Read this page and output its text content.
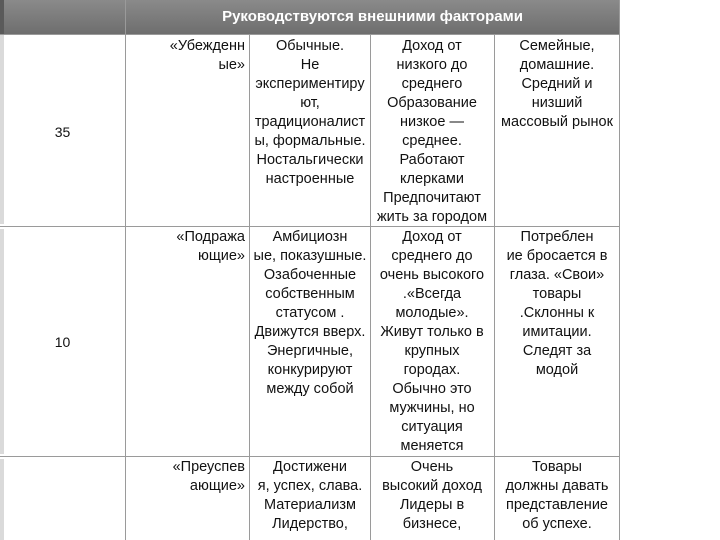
Руководствуются внешними факторами
35
«Убежденн
ые»
Обычные.
Не
экспериментиру
ют,
традиционалист
ы, формальные.
Ностальгически
настроенные
Доход от
низкого до
среднего
Образование
низкое —
среднее.
Работают
клерками
Предпочитают
жить за городом
Семейные,
домашние.
Средний и
низший
массовый рынок
10
«Подража
ющие»
Амбициозн
ые, показушные.
Озабоченные
собственным
статусом .
Движутся вверх.
Энергичные,
конкурируют
между собой
Доход от
среднего до
очень высокого
.«Всегда
молодые».
Живут только в
крупных
городах.
Обычно это
мужчины, но
ситуация
меняется
Потреблен
ие бросается в
глаза. «Свои»
товары
.Склонны к
имитации.
Следят за
модой
«Преуспев
ающие»
Достижени
я, успех, слава.
Материализм
Лидерство,
Очень
высокий доход
Лидеры в
бизнесе,
Товары
должны давать
представление
об успехе.
